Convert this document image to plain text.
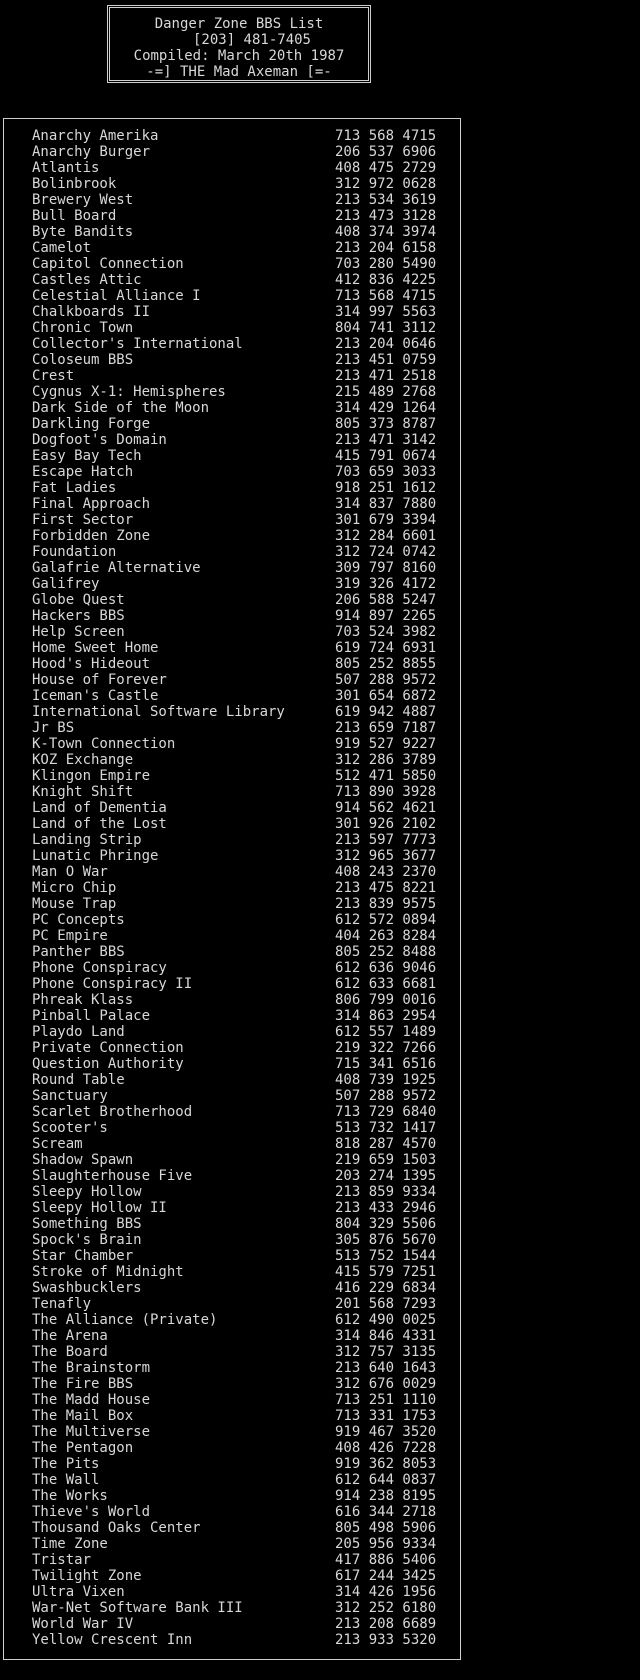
Danger Zone BBS List
[203] 481-7405
Compiled: March 20th 1987
-=] THE Mad Axeman [=-
Anarchy Amerika	713 568 4715
Anarchy Burger	206 537 6906
Atlantis	408 475 2729
Bolinbrook	312 972 0628
Brewery West	213 534 3619
Bull Board	213 473 3128
Byte Bandits	408 374 3974
Camelot	213 204 6158
Capitol Connection	703 280 5490
Castles Attic	412 836 4225
Celestial Alliance I	713 568 4715
Chalkboards II	314 997 5563
Chronic Town	804 741 3112
Collector's International	213 204 0646
Coloseum BBS	213 451 0759
Crest	213 471 2518
Cygnus X-1: Hemispheres	215 489 2768
Dark Side of the Moon	314 429 1264
Darkling Forge	805 373 8787
Dogfoot's Domain	213 471 3142
Easy Bay Tech	415 791 0674
Escape Hatch	703 659 3033
Fat Ladies	918 251 1612
Final Approach	314 837 7880
First Sector	301 679 3394
Forbidden Zone	312 284 6601
Foundation	312 724 0742
Galafrie Alternative	309 797 8160
Galifrey	319 326 4172
Globe Quest	206 588 5247
Hackers BBS	914 897 2265
Help Screen	703 524 3982
Home Sweet Home	619 724 6931
Hood's Hideout	805 252 8855
House of Forever	507 288 9572
Iceman's Castle	301 654 6872
International Software Library	619 942 4887
Jr BS	213 659 7187
K-Town Connection	919 527 9227
KOZ Exchange	312 286 3789
Klingon Empire	512 471 5850
Knight Shift	713 890 3928
Land of Dementia	914 562 4621
Land of the Lost	301 926 2102
Landing Strip	213 597 7773
Lunatic Phringe	312 965 3677
Man O War	408 243 2370
Micro Chip	213 475 8221
Mouse Trap	213 839 9575
PC Concepts	612 572 0894
PC Empire	404 263 8284
Panther BBS	805 252 8488
Phone Conspiracy	612 636 9046
Phone Conspiracy II	612 633 6681
Phreak Klass	806 799 0016
Pinball Palace	314 863 2954
Playdo Land	612 557 1489
Private Connection	219 322 7266
Question Authority	715 341 6516
Round Table	408 739 1925
Sanctuary	507 288 9572
Scarlet Brotherhood	713 729 6840
Scooter's	513 732 1417
Scream	818 287 4570
Shadow Spawn	219 659 1503
Slaughterhouse Five	203 274 1395
Sleepy Hollow	213 859 9334
Sleepy Hollow II	213 433 2946
Something BBS	804 329 5506
Spock's Brain	305 876 5670
Star Chamber	513 752 1544
Stroke of Midnight	415 579 7251
Swashbucklers	416 229 6834
Tenafly	201 568 7293
The Alliance (Private)	612 490 0025
The Arena	314 846 4331
The Board	312 757 3135
The Brainstorm	213 640 1643
The Fire BBS	312 676 0029
The Madd House	713 251 1110
The Mail Box	713 331 1753
The Multiverse	919 467 3520
The Pentagon	408 426 7228
The Pits	919 362 8053
The Wall	612 644 0837
The Works	914 238 8195
Thieve's World	616 344 2718
Thousand Oaks Center	805 498 5906
Time Zone	205 956 9334
Tristar	417 886 5406
Twilight Zone	617 244 3425
Ultra Vixen	314 426 1956
War-Net Software Bank III	312 252 6180
World War IV	213 208 6689
Yellow Crescent Inn	213 933 5320
